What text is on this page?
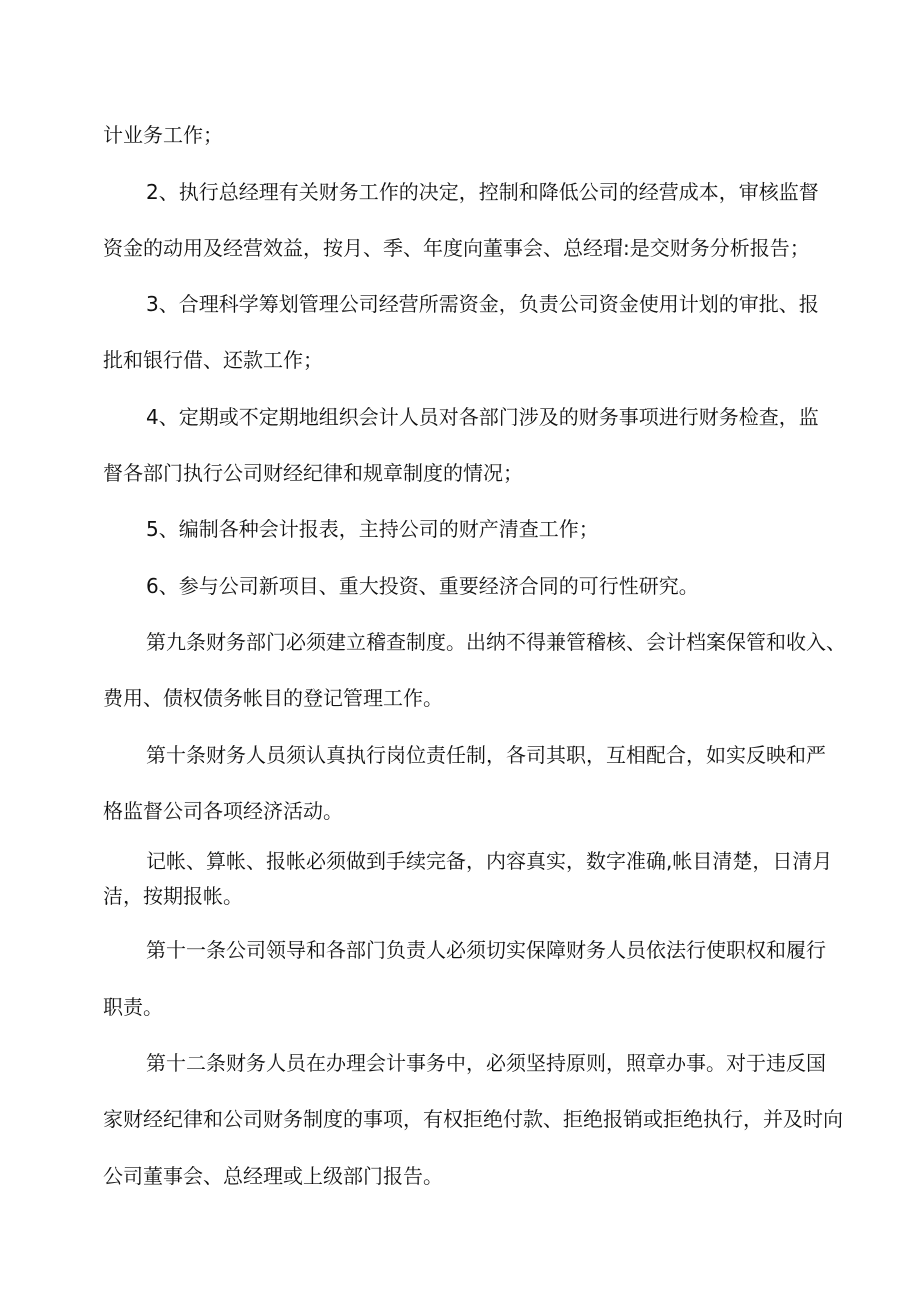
计业务工作；
2、执行总经理有关财务工作的决定，控制和降低公司的经营成本，审核监督
资金的动用及经营效益，按月、季、年度向董事会、总经瑁:是交财务分析报告；
3、合理科学筹划管理公司经营所需资金，负责公司资金使用计划的审批、报
批和银行借、还款工作；
4、定期或不定期地组织会计人员对各部门涉及的财务事项进行财务检查，监
督各部门执行公司财经纪律和规章制度的情况；
5、编制各种会计报表，主持公司的财产清查工作；
6、参与公司新项目、重大投资、重要经济合同的可行性研究。
第九条财务部门必须建立稽查制度。出纳不得兼管稽核、会计档案保管和收入、
费用、债权债务帐目的登记管理工作。
第十条财务人员须认真执行岗位责任制，各司其职，互相配合，如实反映和严
格监督公司各项经济活动。
记帐、算帐、报帐必须做到手续完备，内容真实，数字准确,帐目清楚，日清月
洁，按期报帐。
第十一条公司领导和各部门负责人必须切实保障财务人员依法行使职权和履行
职责。
第十二条财务人员在办理会计事务中，必须坚持原则，照章办事。对于违反国
家财经纪律和公司财务制度的事项，有权拒绝付款、拒绝报销或拒绝执行，并及时向
公司董事会、总经理或上级部门报告。
